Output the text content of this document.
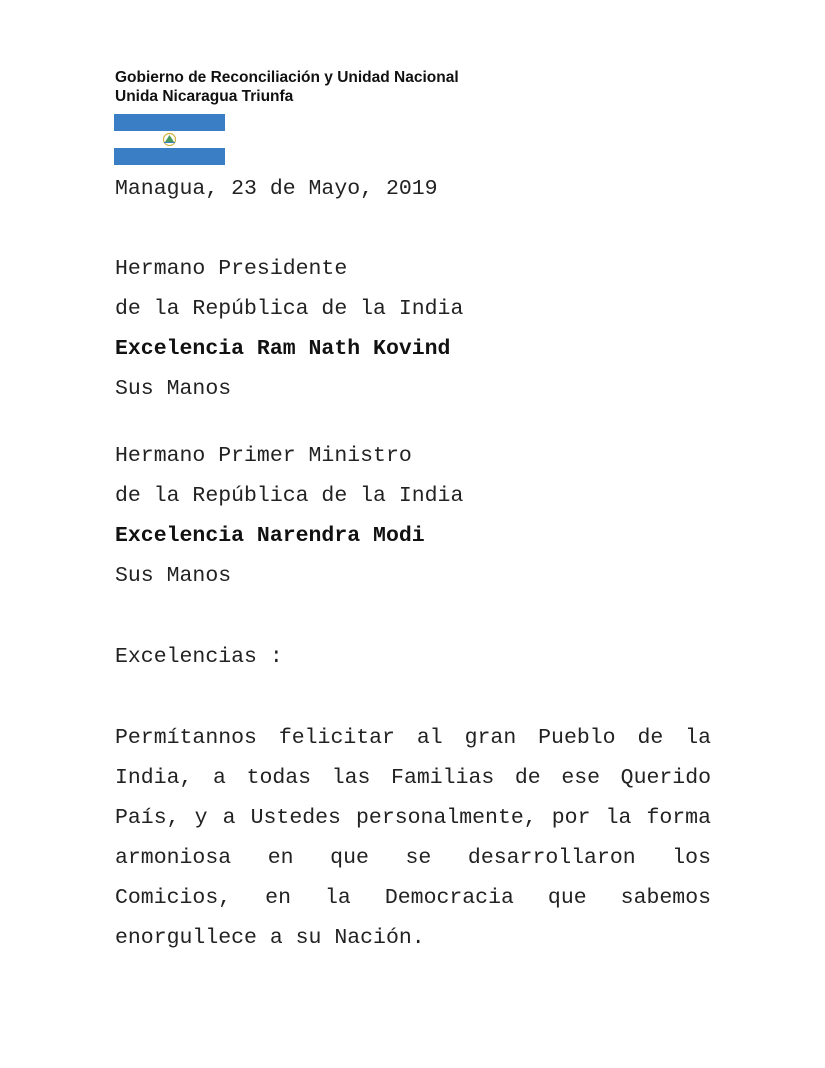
Gobierno de Reconciliación y Unidad Nacional
Unida Nicaragua Triunfa
Managua, 23 de Mayo, 2019
Hermano Presidente
de la República de la India
Excelencia Ram Nath Kovind
Sus Manos
Hermano Primer Ministro
de la República de la India
Excelencia Narendra Modi
Sus Manos
Excelencias :
Permítannos felicitar al gran Pueblo de la India, a todas las Familias de ese Querido País, y a Ustedes personalmente, por la forma armoniosa en que se desarrollaron los Comicios, en la Democracia que sabemos enorgullece a su Nación.
